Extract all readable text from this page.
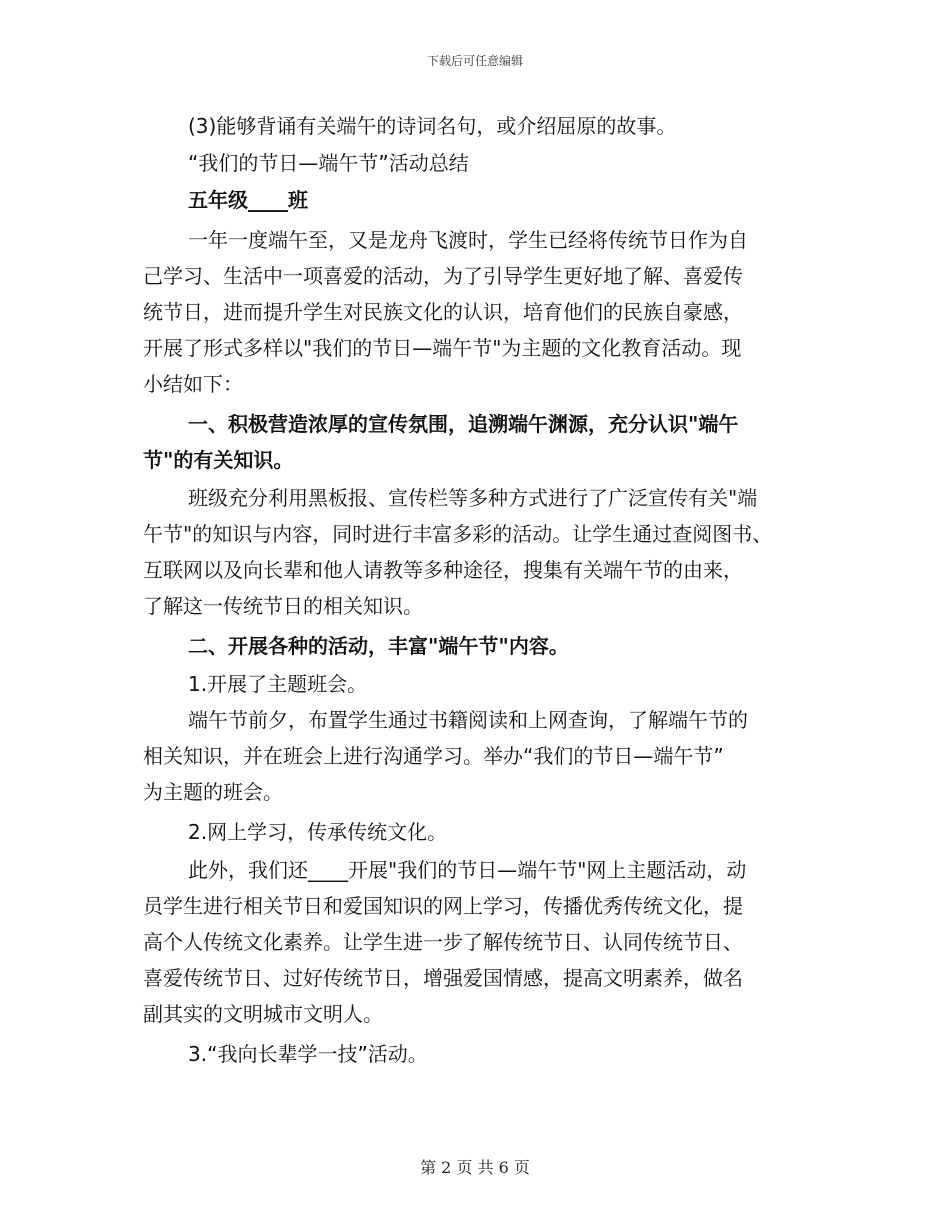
下载后可任意编辑
(3)能够背诵有关端午的诗词名句，或介绍屈原的故事。
“我们的节日—端午节”活动总结
五年级____班
一年一度端午至，又是龙舟飞渡时，学生已经将传统节日作为自
己学习、生活中一项喜爱的活动，为了引导学生更好地了解、喜爱传
统节日，进而提升学生对民族文化的认识，培育他们的民族自豪感，
开展了形式多样以"我们的节日—端午节"为主题的文化教育活动。现
小结如下：
一、积极营造浓厚的宣传氛围，追溯端午渊源，充分认识"端午
节"的有关知识。
班级充分利用黑板报、宣传栏等多种方式进行了广泛宣传有关"端
午节"的知识与内容，同时进行丰富多彩的活动。让学生通过查阅图书、
互联网以及向长辈和他人请教等多种途径，搜集有关端午节的由来，
了解这一传统节日的相关知识。
二、开展各种的活动，丰富"端午节"内容。
1.开展了主题班会。
端午节前夕，布置学生通过书籍阅读和上网查询，了解端午节的
相关知识，并在班会上进行沟通学习。举办“我们的节日—端午节”
为主题的班会。
2.网上学习，传承传统文化。
此外，我们还____开展"我们的节日—端午节"网上主题活动，动
员学生进行相关节日和爱国知识的网上学习，传播优秀传统文化，提
高个人传统文化素养。让学生进一步了解传统节日、认同传统节日、
喜爱传统节日、过好传统节日，增强爱国情感，提高文明素养，做名
副其实的文明城市文明人。
3.“我向长辈学一技”活动。
第 2 页 共 6 页
